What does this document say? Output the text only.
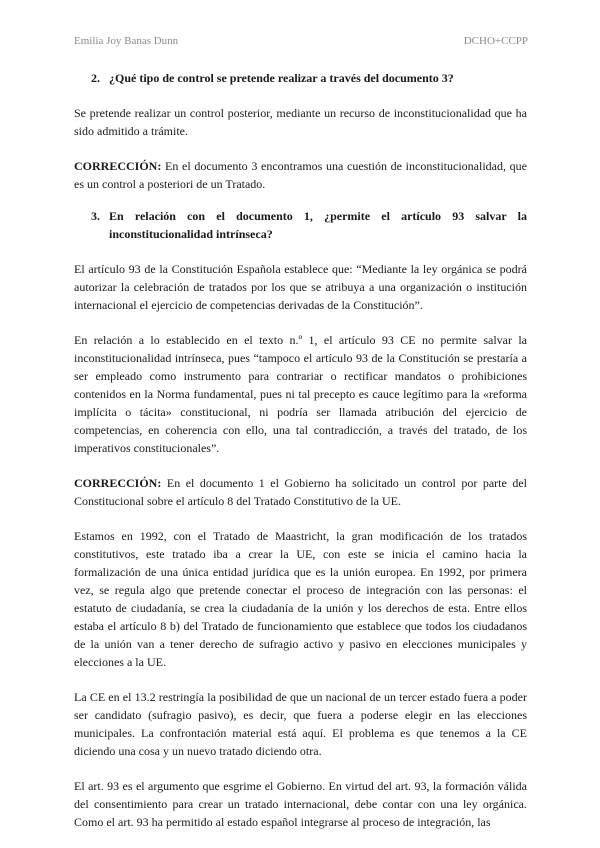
Emilia Joy Banas Dunn	DCHO+CCPP

2. ¿Qué tipo de control se pretende realizar a través del documento 3?

Se pretende realizar un control posterior, mediante un recurso de inconstitucionalidad que ha sido admitido a trámite.

CORRECCIÓN: En el documento 3 encontramos una cuestión de inconstitucionalidad, que es un control a posteriori de un Tratado.

3. En relación con el documento 1, ¿permite el artículo 93 salvar la inconstitucionalidad intrínseca?

El artículo 93 de la Constitución Española establece que: “Mediante la ley orgánica se podrá autorizar la celebración de tratados por los que se atribuya a una organización o institución internacional el ejercicio de competencias derivadas de la Constitución”.

En relación a lo establecido en el texto n.º 1, el artículo 93 CE no permite salvar la inconstitucionalidad intrínseca, pues “tampoco el artículo 93 de la Constitución se prestaría a ser empleado como instrumento para contrariar o rectificar mandatos o prohibiciones contenidos en la Norma fundamental, pues ni tal precepto es cauce legítimo para la «reforma implícita o tácita» constitucional, ni podría ser llamada atribución del ejercicio de competencias, en coherencia con ello, una tal contradicción, a través del tratado, de los imperativos constitucionales”.

CORRECCIÓN: En el documento 1 el Gobierno ha solicitado un control por parte del Constitucional sobre el artículo 8 del Tratado Constitutivo de la UE.

Estamos en 1992, con el Tratado de Maastricht, la gran modificación de los tratados constitutivos, este tratado iba a crear la UE, con este se inicia el camino hacia la formalización de una única entidad jurídica que es la unión europea. En 1992, por primera vez, se regula algo que pretende conectar el proceso de integración con las personas: el estatuto de ciudadanía, se crea la ciudadanía de la unión y los derechos de esta. Entre ellos estaba el artículo 8 b) del Tratado de funcionamiento que establece que todos los ciudadanos de la unión van a tener derecho de sufragio activo y pasivo en elecciones municipales y elecciones a la UE.

La CE en el 13.2 restringía la posibilidad de que un nacional de un tercer estado fuera a poder ser candidato (sufragio pasivo), es decir, que fuera a poderse elegir en las elecciones municipales. La confrontación material está aquí. El problema es que tenemos a la CE diciendo una cosa y un nuevo tratado diciendo otra.

El art. 93 es el argumento que esgrime el Gobierno. En virtud del art. 93, la formación válida del consentimiento para crear un tratado internacional, debe contar con una ley orgánica. Como el art. 93 ha permitido al estado español integrarse al proceso de integración, las
